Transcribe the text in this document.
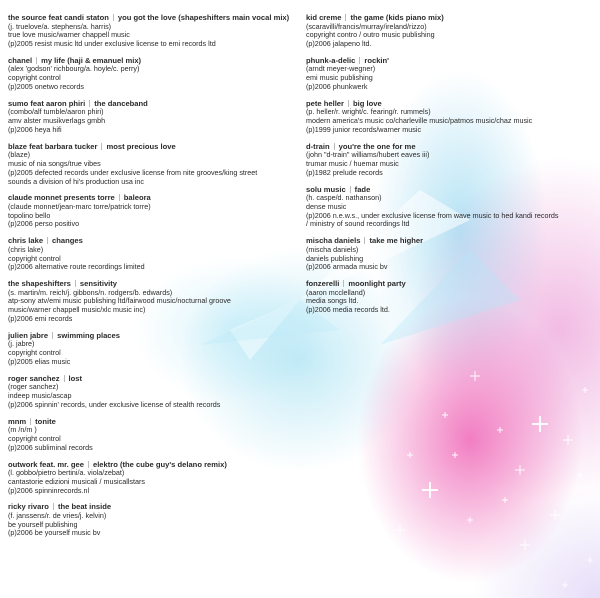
the source feat candi staton you got the love (shapeshifters main vocal mix)
(j. truelove/a. stephens/a. harris)
true love music/warner chappell music
(p)2005 resist music ltd under exclusive license to emi records ltd
chanel my life (haji & emanuel mix)
(alex 'godson' richbourg/a. hoyle/c. perry)
copyright control
(p)2005 onetwo records
sumo feat aaron phiri the danceband
(combo/alf tumble/aaron phiri)
amv alster musikverlags gmbh
(p)2006 heya hifi
blaze feat barbara tucker most precious love
(blaze)
music of nia songs/true vibes
(p)2005 defected records under exclusive license from nite grooves/king street
sounds a division of hi's production usa inc
claude monnet presents torre baleora
(claude monnet/jean-marc torre/patrick torre)
topolino bello
(p)2006 perso positivo
chris lake changes
(chris lake)
copyright control
(p)2006 alternative route recordings limited
the shapeshifters sensitivity
(s. martin/m. reich/j. gibbons/n. rodgers/b. edwards)
atp-sony atv/emi music publishing ltd/fairwood music/nocturnal groove
music/warner chappell music/xlc music inc)
(p)2006 emi records
julien jabre swimming places
(j. jabre)
copyright control
(p)2005 elias music
roger sanchez lost
(roger sanchez)
indeep music/ascap
(p)2006 spinnin' records, under exclusive license of stealth records
mnm tonite
(m /n/m )
copyright control
(p)2006 subliminal records
outwork feat. mr. gee elektro (the cube guy's delano remix)
(l. gobbo/pietro bertini/a. viola/zebat)
cantastorie edizioni musicali / musicallstars
(p)2006 spinninrecords.nl
ricky rivaro the beat inside
(f. janssens/r. de vries/j. kelvin)
be yourself publishing
(p)2006 be yourself music bv
kid creme the game (kids piano mix)
(scaravilli/francis/murray/ireland/rizzo)
copyright contro / outro music publishing
(p)2006 jalapeno ltd.
phunk-a-delic rockin'
(arndt meyer-wegner)
emi music publishing
(p)2006 phunkwerk
pete heller big love
(p. heller/r. wright/c. fearing/r. rummels)
modern america's music co/charleville music/patmos music/chaz music
(p)1999 junior records/warner music
d-train you're the one for me
(john "d-train" williams/hubert eaves iii)
trumar music / huemar music
(p)1982 prelude records
solu music fade
(h. caspe/d. nathanson)
dense music
(p)2006 n.e.w.s., under exclusive license from wave music to hed kandi records
/ ministry of sound recordings ltd
mischa daniels take me higher
(mischa daniels)
daniels publishing
(p)2006 armada music bv
fonzerelli moonlight party
(aaron mcclelland)
media songs ltd.
(p)2006 media records ltd.
